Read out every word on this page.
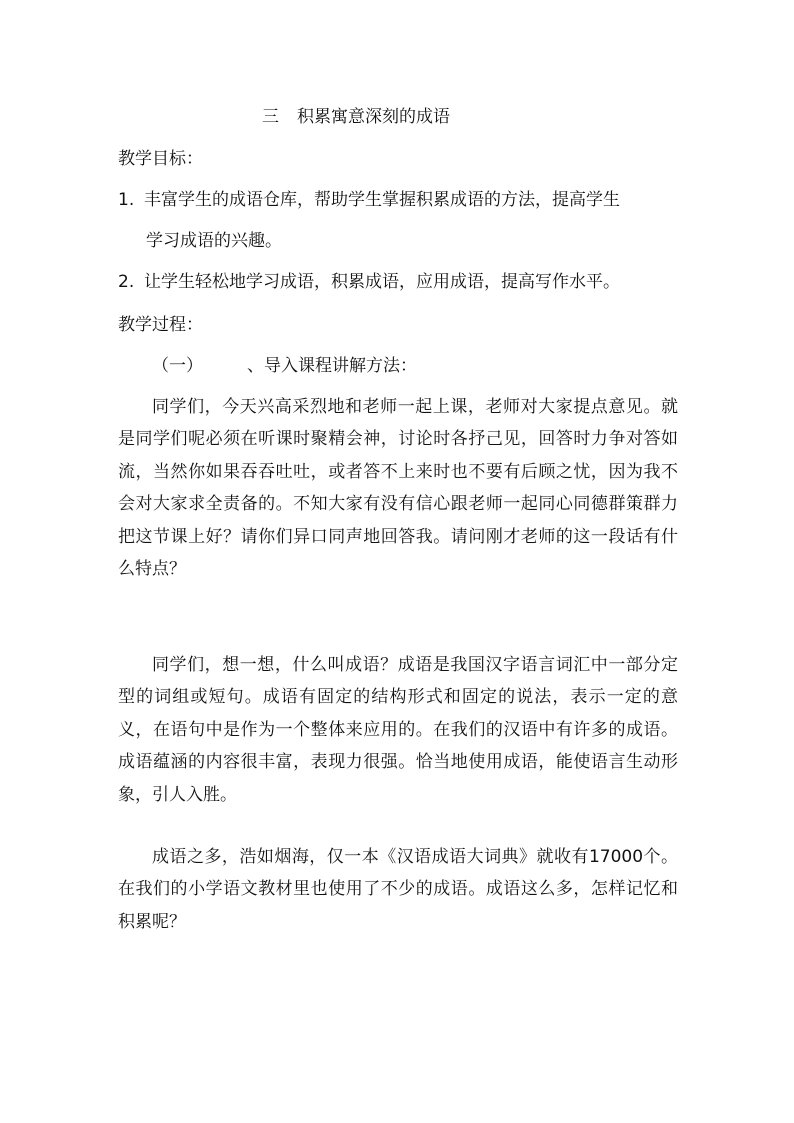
三 积累寓意深刻的成语
教学目标：
1. 丰富学生的成语仓库，帮助学生掌握积累成语的方法，提高学生
学习成语的兴趣。
2. 让学生轻松地学习成语，积累成语，应用成语，提高写作水平。
教学过程：
（一）	、导入课程讲解方法：
同学们，今天兴高采烈地和老师一起上课，老师对大家提点意见。就是同学们呢必须在听课时聚精会神，讨论时各抒己见，回答时力争对答如流，当然你如果吞吞吐吐，或者答不上来时也不要有后顾之忧，因为我不会对大家求全责备的。不知大家有没有信心跟老师一起同心同德群策群力把这节课上好？请你们异口同声地回答我。请问刚才老师的这一段话有什么特点？
同学们，想一想，什么叫成语？成语是我国汉字语言词汇中一部分定型的词组或短句。成语有固定的结构形式和固定的说法，表示一定的意义，在语句中是作为一个整体来应用的。在我们的汉语中有许多的成语。成语蕴涵的内容很丰富，表现力很强。恰当地使用成语，能使语言生动形象，引人入胜。
成语之多，浩如烟海，仅一本《汉语成语大词典》就收有17000个。在我们的小学语文教材里也使用了不少的成语。成语这么多，怎样记忆和积累呢？
